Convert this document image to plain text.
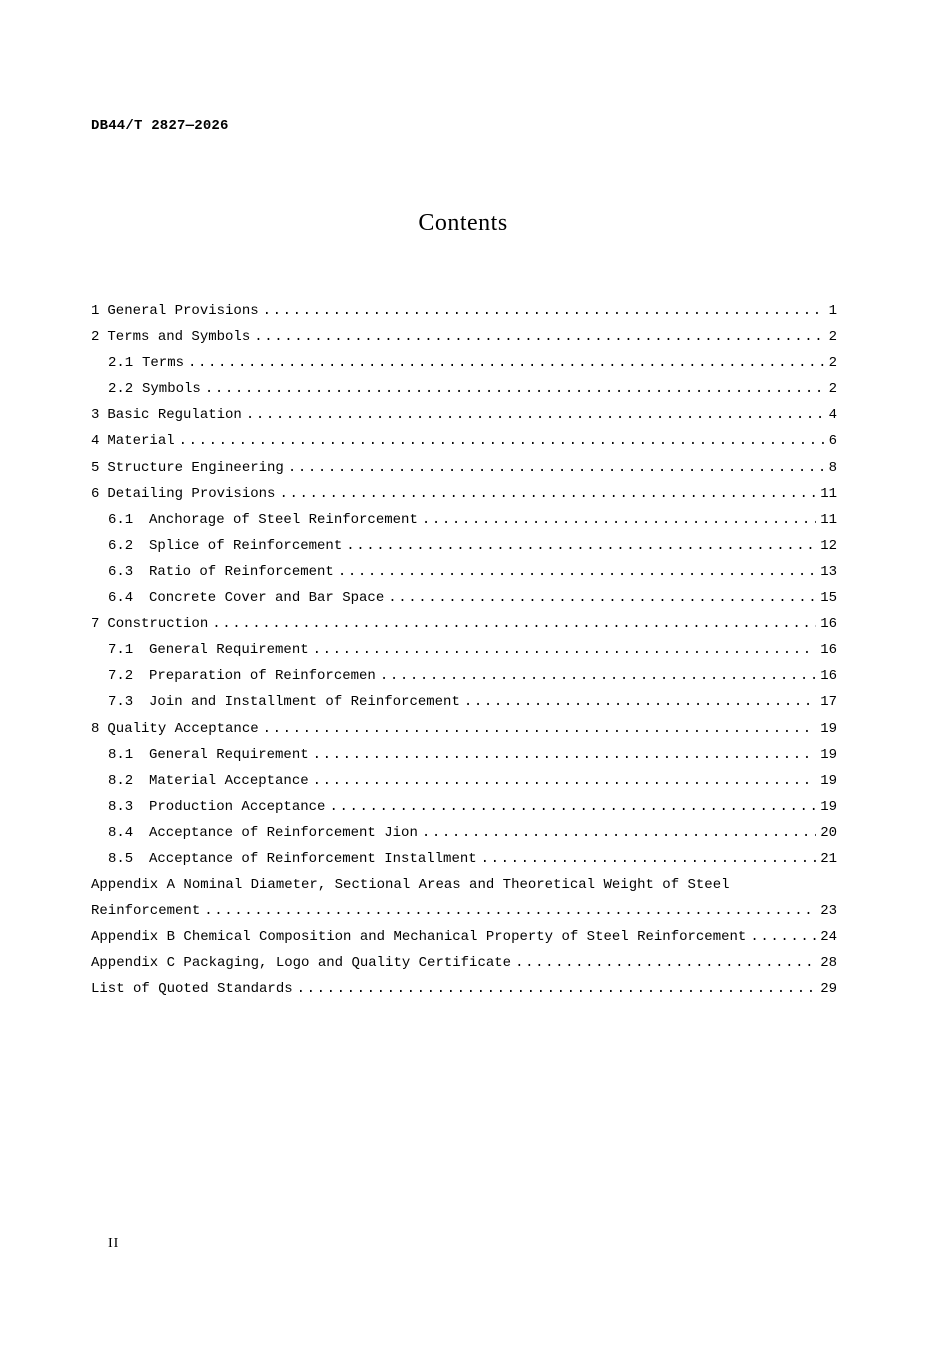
DB44/T 2827—2026
Contents
1 General Provisions .....	1
2 Terms and Symbols .....	2
2.1 Terms .....	2
2.2 Symbols .....	2
3 Basic Regulation .....	4
4 Material .....	6
5 Structure Engineering .....	8
6 Detailing Provisions .....	11
6.1	Anchorage of Steel Reinforcement .....	11
6.2	Splice of Reinforcement .....	12
6.3	Ratio of Reinforcement .....	13
6.4	Concrete Cover and Bar Space .....	15
7 Construction .....	16
7.1	General Requirement .....	16
7.2	Preparation of Reinforcemen .....	16
7.3	Join and Installment of Reinforcement .....	17
8 Quality Acceptance .....	19
8.1	General Requirement .....	19
8.2	Material Acceptance .....	19
8.3	Production Acceptance .....	19
8.4	Acceptance of Reinforcement Jion .....	20
8.5	Acceptance of Reinforcement Installment .....	21
Appendix A Nominal Diameter, Sectional Areas and Theoretical Weight of Steel
Reinforcement .....	23
Appendix B Chemical Composition and Mechanical Property of Steel Reinforcement .....	24
Appendix C Packaging, Logo and Quality Certificate .....	28
List of Quoted Standards .....	29
II
